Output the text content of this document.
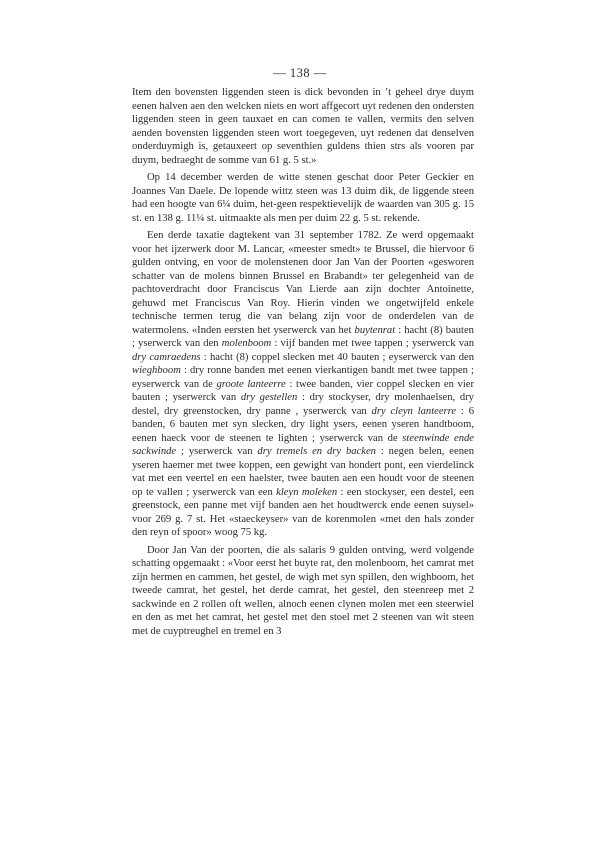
— 138 —

Item den bovensten liggenden steen is dick bevonden in ’t geheel drye duym eenen halven aen den welcken niets en wort affgecort uyt redenen den ondersten liggenden steen in geen tauxaet en can comen te vallen, vermits den selven aenden bovensten liggenden steen wort toegegeven, uyt redenen dat denselven onderduymigh is, getauxeert op seventhien guldens thien strs als vooren par duym, bedraeght de somme van 61 g. 5 st.»

Op 14 december werden de witte stenen geschat door Peter Geckier en Joannes Van Daele. De lopende wittz steen was 13 duim dik, de liggende steen had een hoogte van 6¼ duim, het-geen respektievelijk de waarden van 305 g. 15 st. en 138 g. 11¼ st. uitmaakte als men per duim 22 g. 5 st. rekende.

Een derde taxatie dagtekent van 31 september 1782. Ze werd opgemaakt voor het ijzerwerk door M. Lancar, «meester smedt» te Brussel, die hiervoor 6 gulden ontving, en voor de molenstenen door Jan Van der Poorten «gesworen schatter van de molens binnen Brussel en Brabandt» ter gelegenheid van de pachtoverdracht door Franciscus Van Lierde aan zijn dochter Antoinette, gehuwd met Franciscus Van Roy. Hierin vinden we ongetwijfeld enkele technische termen terug die van belang zijn voor de onderdelen van de watermolens. «Inden eersten het yserwerck van het buytenrat : hacht (8) bauten ; yserwerck van den molenboom : vijf banden met twee tappen ; yserwerck van dry camraedens : hacht (8) coppel slecken met 40 bauten ; eyserwerck van den wieghboom : dry ronne banden met eenen vierkantigen bandt met twee tappen ; eyserwerck van de groote lanteerre : twee banden, vier coppel slecken en vier bauten ; yserwerck van dry gestellen : dry stockyser, dry molenhaelsen, dry destel, dry greenstocken, dry panne , yserwerck van dry cleyn lanteerre : 6 banden, 6 bauten met syn slecken, dry light ysers, eenen yseren handtboom, eenen haeck voor de steenen te lighten ; yserwerck van de steenwinde ende sackwinde ; yserwerck van dry tremels en dry backen : negen belen, eenen yseren haemer met twee koppen, een gewight van hondert pont, een vierdelinck vat met een veertel en een haelster, twee bauten aen een houdt voor de steenen op te vallen ; yserwerck van een kleyn moleken : een stockyser, een destel, een greenstock, een panne met vijf banden aen het houdtwerck ende eenen suysel» voor 269 g. 7 st. Het «staeckeyser» van de korenmolen «met den hals zonder den reyn of spoor» woog 75 kg.

Door Jan Van der poorten, die als salaris 9 gulden ontving, werd volgende schatting opgemaakt : «Voor eerst het buyte rat, den molenboom, het camrat met zijn hermen en cammen, het gestel, de wigh met syn spillen, den wighboom, het tweede camrat, het gestel, het derde camrat, het gestel, den steenreep met 2 sackwinde en 2 rollen oft wellen, alnoch eenen clynen molen met een steerwiel en den as met het camrat, het gestel met den stoel met 2 steenen van wit steen met de cuyptreughel en tremel en 3
